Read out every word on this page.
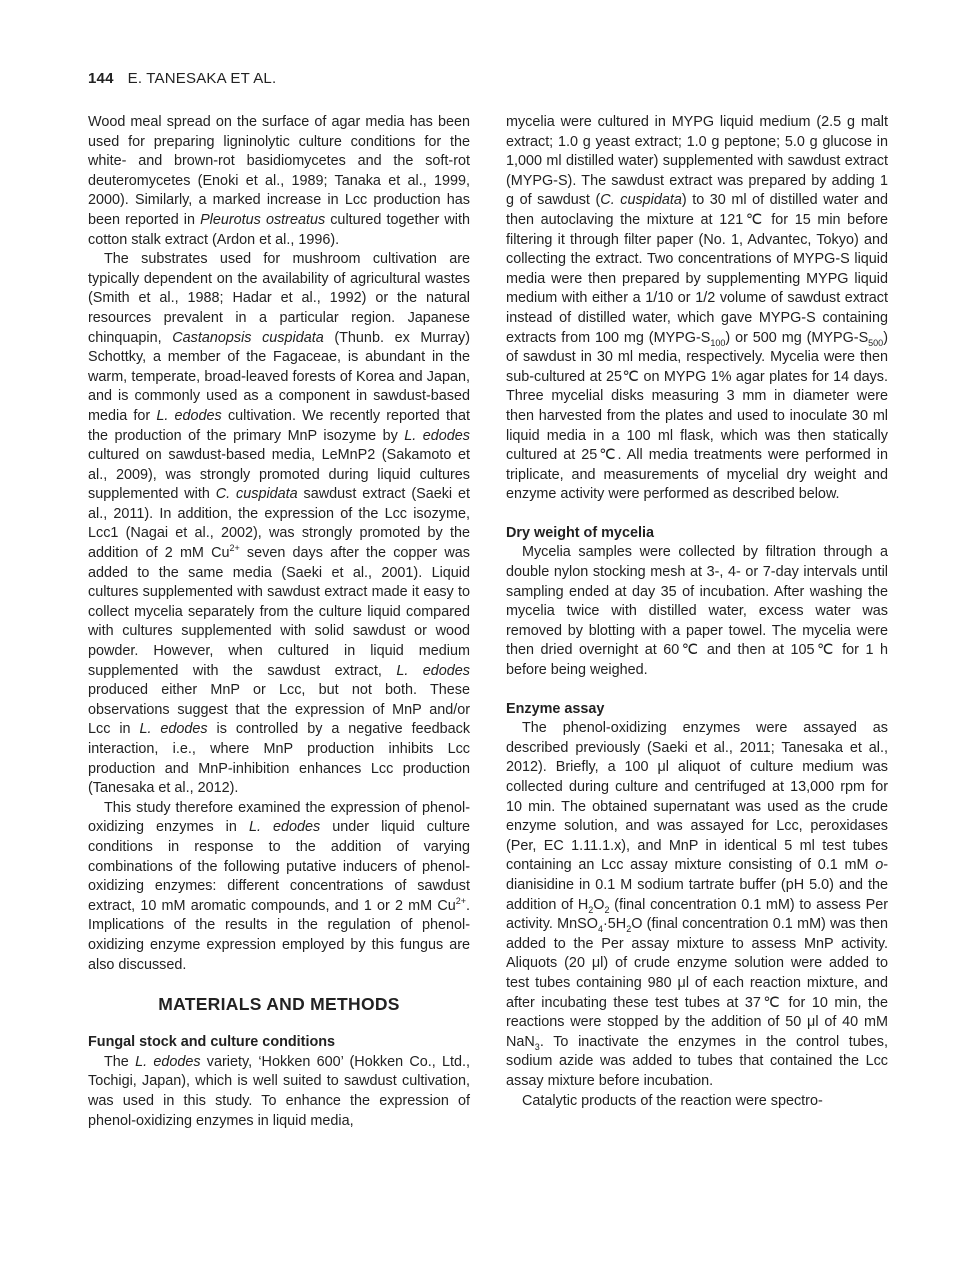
144 E. TANESAKA ET AL.

Wood meal spread on the surface of agar media has been used for preparing ligninolytic culture conditions for the white- and brown-rot basidiomycetes and the soft-rot deuteromycetes (Enoki et al., 1989; Tanaka et al., 1999, 2000). Similarly, a marked increase in Lcc production has been reported in Pleurotus ostreatus cultured together with cotton stalk extract (Ardon et al., 1996).

The substrates used for mushroom cultivation are typically dependent on the availability of agricultural wastes (Smith et al., 1988; Hadar et al., 1992) or the natural resources prevalent in a particular region. Japanese chinquapin, Castanopsis cuspidata (Thunb. ex Murray) Schottky, a member of the Fagaceae, is abundant in the warm, temperate, broad-leaved forests of Korea and Japan, and is commonly used as a component in sawdust-based media for L. edodes cultivation. We recently reported that the production of the primary MnP isozyme by L. edodes cultured on sawdust-based media, LeMnP2 (Sakamoto et al., 2009), was strongly promoted during liquid cultures supplemented with C. cuspidata sawdust extract (Saeki et al., 2011). In addition, the expression of the Lcc isozyme, Lcc1 (Nagai et al., 2002), was strongly promoted by the addition of 2 mM $Cu^{2+}$ seven days after the copper was added to the same media (Saeki et al., 2001). Liquid cultures supplemented with sawdust extract made it easy to collect mycelia separately from the culture liquid compared with cultures supplemented with solid sawdust or wood powder. However, when cultured in liquid medium supplemented with the sawdust extract, L. edodes produced either MnP or Lcc, but not both. These observations suggest that the expression of MnP and/or Lcc in L. edodes is controlled by a negative feedback interaction, i.e., where MnP production inhibits Lcc production and MnP-inhibition enhances Lcc production (Tanesaka et al., 2012).

This study therefore examined the expression of phenol-oxidizing enzymes in L. edodes under liquid culture conditions in response to the addition of varying combinations of the following putative inducers of phenol-oxidizing enzymes: different concentrations of sawdust extract, 10 mM aromatic compounds, and 1 or 2 mM $Cu^{2+}$. Implications of the results in the regulation of phenol-oxidizing enzyme expression employed by this fungus are also discussed.

MATERIALS AND METHODS
Fungal stock and culture conditions

The L. edodes variety, ‘Hokken 600’ (Hokken Co., Ltd., Tochigi, Japan), which is well suited to sawdust cultivation, was used in this study. To enhance the expression of phenol-oxidizing enzymes in liquid media,

mycelia were cultured in MYPG liquid medium (2.5 g malt extract; 1.0 g yeast extract; 1.0 g peptone; 5.0 g glucose in 1,000 ml distilled water) supplemented with sawdust extract (MYPG-S). The sawdust extract was prepared by adding 1 g of sawdust (C. cuspidata) to 30 ml of distilled water and then autoclaving the mixture at 121℃ for 15 min before filtering it through filter paper (No. 1, Advantec, Tokyo) and collecting the extract. Two concentrations of MYPG-S liquid media were then prepared by supplementing MYPG liquid medium with either a 1/10 or 1/2 volume of sawdust extract instead of distilled water, which gave MYPG-S containing extracts from 100 mg $(MYPG-S_{100})$ or 500 mg $(MYPG-S_{500})$ of sawdust in 30 ml media, respectively. Mycelia were then sub-cultured at 25℃ on MYPG 1% agar plates for 14 days. Three mycelial disks measuring 3 mm in diameter were then harvested from the plates and used to inoculate 30 ml liquid media in a 100 ml flask, which was then statically cultured at 25℃. All media treatments were performed in triplicate, and measurements of mycelial dry weight and enzyme activity were performed as described below.

Dry weight of mycelia

Mycelia samples were collected by filtration through a double nylon stocking mesh at 3-, 4- or 7-day intervals until sampling ended at day 35 of incubation. After washing the mycelia twice with distilled water, excess water was removed by blotting with a paper towel. The mycelia were then dried overnight at 60℃ and then at 105℃ for 1 h before being weighed.

Enzyme assay

The phenol-oxidizing enzymes were assayed as described previously (Saeki et al., 2011; Tanesaka et al., 2012). Briefly, a 100 μl aliquot of culture medium was collected during culture and centrifuged at 13,000 rpm for 10 min. The obtained supernatant was used as the crude enzyme solution, and was assayed for Lcc, peroxidases (Per, EC 1.11.1.x), and MnP in identical 5 ml test tubes containing an Lcc assay mixture consisting of 0.1 mM o-dianisidine in 0.1 M sodium tartrate buffer (pH 5.0) and the addition of $H_2O_2$ (final concentration 0.1 mM) to assess Per activity. $MnSO_4\cdot 5H_2O$ (final concentration 0.1 mM) was then added to the Per assay mixture to assess MnP activity. Aliquots (20 μl) of crude enzyme solution were added to test tubes containing 980 μl of each reaction mixture, and after incubating these test tubes at 37℃ for 10 min, the reactions were stopped by the addition of 50 μl of 40 mM NaN$_3$. To inactivate the enzymes in the control tubes, sodium azide was added to tubes that contained the Lcc assay mixture before incubation.

Catalytic products of the reaction were spectro-
